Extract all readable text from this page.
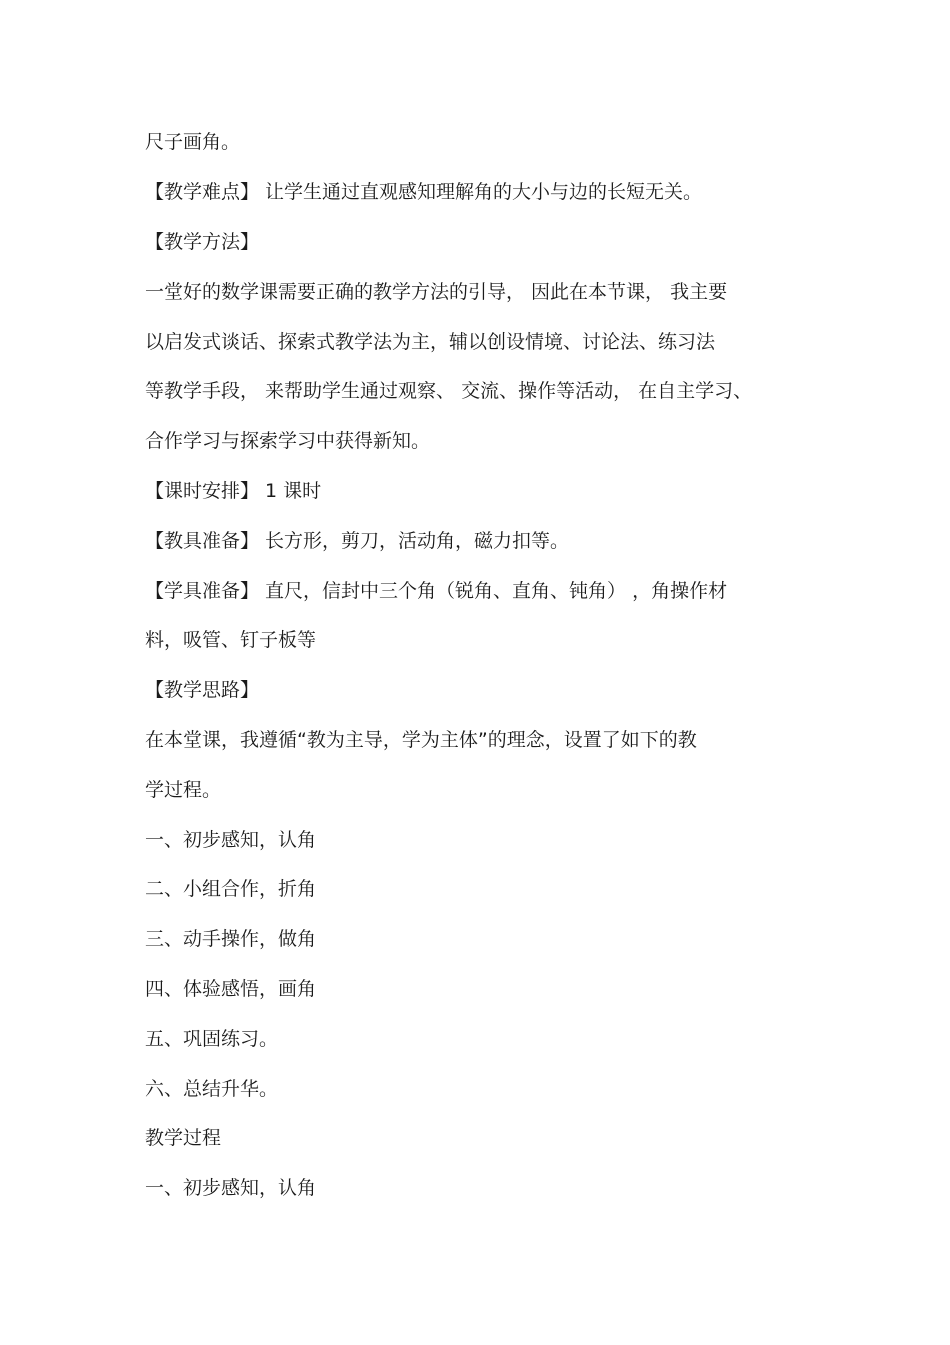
尺子画角。
【教学难点】 让学生通过直观感知理解角的大小与边的长短无关。
【教学方法】
一堂好的数学课需要正确的教学方法的引导， 因此在本节课， 我主要
以启发式谈话、探索式教学法为主，辅以创设情境、讨论法、练习法
等教学手段， 来帮助学生通过观察、 交流、操作等活动， 在自主学习、
合作学习与探索学习中获得新知。
【课时安排】 1 课时
【教具准备】 长方形，剪刀，活动角，磁力扣等。
【学具准备】 直尺，信封中三个角（锐角、直角、钝角） ，角操作材
料，吸管、钉子板等
【教学思路】
在本堂课，我遵循“教为主导，学为主体”的理念，设置了如下的教
学过程。
一、初步感知，认角
二、小组合作，折角
三、动手操作，做角
四、体验感悟，画角
五、巩固练习。
六、总结升华。
教学过程
一、初步感知，认角
